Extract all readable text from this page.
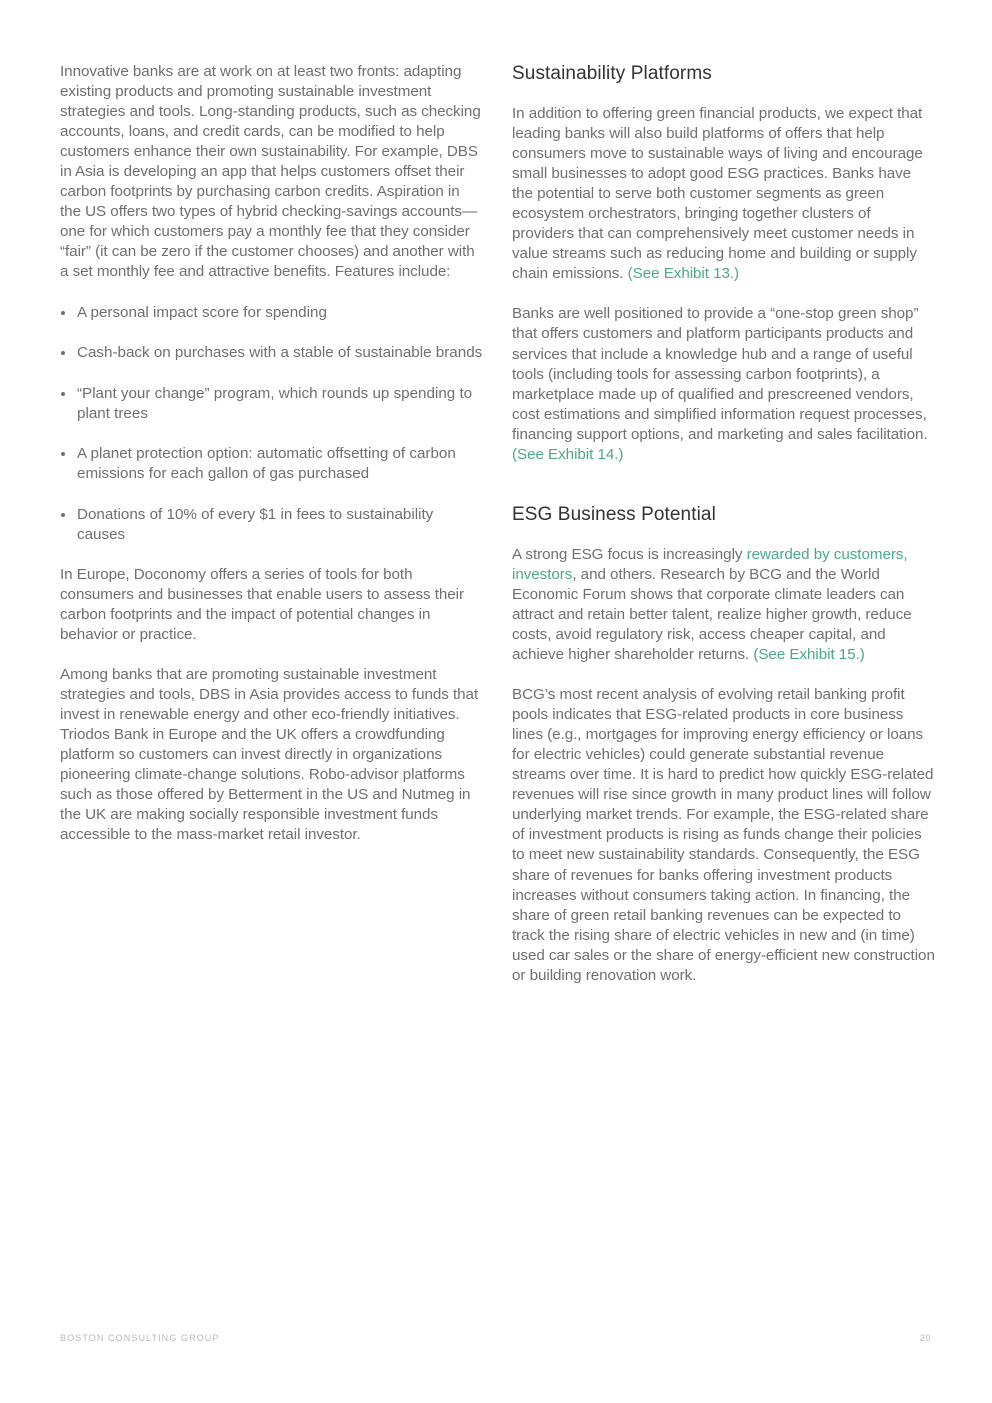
Innovative banks are at work on at least two fronts: adapting existing products and promoting sustainable investment strategies and tools. Long-standing products, such as checking accounts, loans, and credit cards, can be modified to help customers enhance their own sustainability. For example, DBS in Asia is developing an app that helps customers offset their carbon footprints by purchasing carbon credits. Aspiration in the US offers two types of hybrid checking-savings accounts—one for which customers pay a monthly fee that they consider “fair” (it can be zero if the customer chooses) and another with a set monthly fee and attractive benefits. Features include:

A personal impact score for spending
Cash-back on purchases with a stable of sustainable brands
“Plant your change” program, which rounds up spending to plant trees
A planet protection option: automatic offsetting of carbon emissions for each gallon of gas purchased
Donations of 10% of every $1 in fees to sustainability causes

In Europe, Doconomy offers a series of tools for both consumers and businesses that enable users to assess their carbon footprints and the impact of potential changes in behavior or practice.

Among banks that are promoting sustainable investment strategies and tools, DBS in Asia provides access to funds that invest in renewable energy and other eco-friendly initiatives. Triodos Bank in Europe and the UK offers a crowdfunding platform so customers can invest directly in organizations pioneering climate-change solutions. Robo-advisor platforms such as those offered by Betterment in the US and Nutmeg in the UK are making socially responsible investment funds accessible to the mass-market retail investor.

Sustainability Platforms

In addition to offering green financial products, we expect that leading banks will also build platforms of offers that help consumers move to sustainable ways of living and encourage small businesses to adopt good ESG practices. Banks have the potential to serve both customer segments as green ecosystem orchestrators, bringing together clusters of providers that can comprehensively meet customer needs in value streams such as reducing home and building or supply chain emissions. (See Exhibit 13.)

Banks are well positioned to provide a “one-stop green shop” that offers customers and platform participants products and services that include a knowledge hub and a range of useful tools (including tools for assessing carbon footprints), a marketplace made up of qualified and prescreened vendors, cost estimations and simplified information request processes, financing support options, and marketing and sales facilitation. (See Exhibit 14.)

ESG Business Potential

A strong ESG focus is increasingly rewarded by customers, investors, and others. Research by BCG and the World Economic Forum shows that corporate climate leaders can attract and retain better talent, realize higher growth, reduce costs, avoid regulatory risk, access cheaper capital, and achieve higher shareholder returns. (See Exhibit 15.)

BCG’s most recent analysis of evolving retail banking profit pools indicates that ESG-related products in core business lines (e.g., mortgages for improving energy efficiency or loans for electric vehicles) could generate substantial revenue streams over time. It is hard to predict how quickly ESG-related revenues will rise since growth in many product lines will follow underlying market trends. For example, the ESG-related share of investment products is rising as funds change their policies to meet new sustainability standards. Consequently, the ESG share of revenues for banks offering investment products increases without consumers taking action. In financing, the share of green retail banking revenues can be expected to track the rising share of electric vehicles in new and (in time) used car sales or the share of energy-efficient new construction or building renovation work.

BOSTON CONSULTING GROUP	20
